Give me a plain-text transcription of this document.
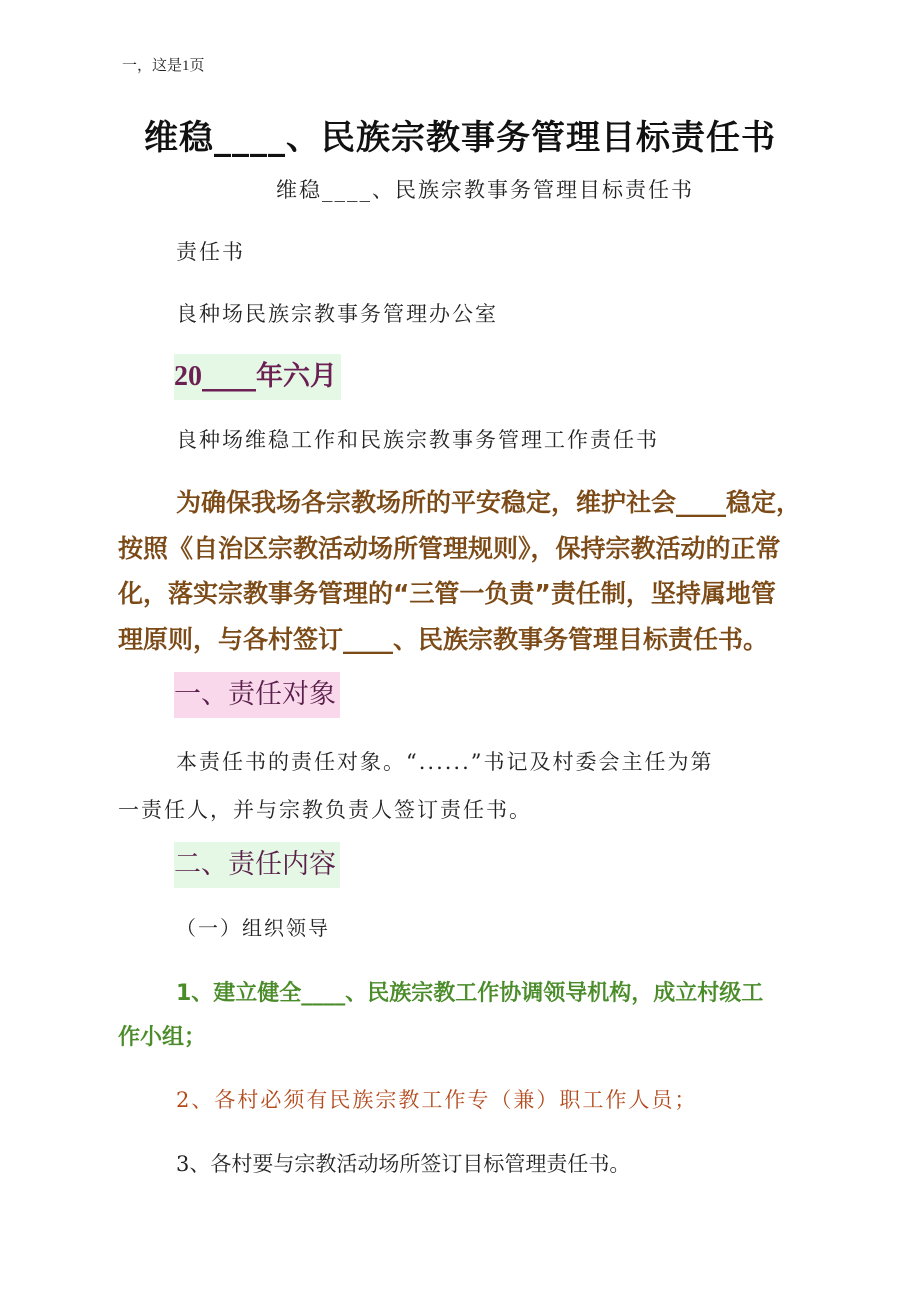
一，这是1页
维稳____、民族宗教事务管理目标责任书
维稳____、民族宗教事务管理目标责任书
责任书
良种场民族宗教事务管理办公室
20____年六月
良种场维稳工作和民族宗教事务管理工作责任书
为确保我场各宗教场所的平安稳定，维护社会____稳定，
按照《自治区宗教活动场所管理规则》，保持宗教活动的正常
化，落实宗教事务管理的“三管一负责”责任制，坚持属地管
理原则，与各村签订____、民族宗教事务管理目标责任书。
一、责任对象
本责任书的责任对象。“......”书记及村委会主任为第
一责任人，并与宗教负责人签订责任书。
二、责任内容
（一）组织领导
1、建立健全____、民族宗教工作协调领导机构，成立村级工
作小组；
2、各村必须有民族宗教工作专（兼）职工作人员；
3、各村要与宗教活动场所签订目标管理责任书。
